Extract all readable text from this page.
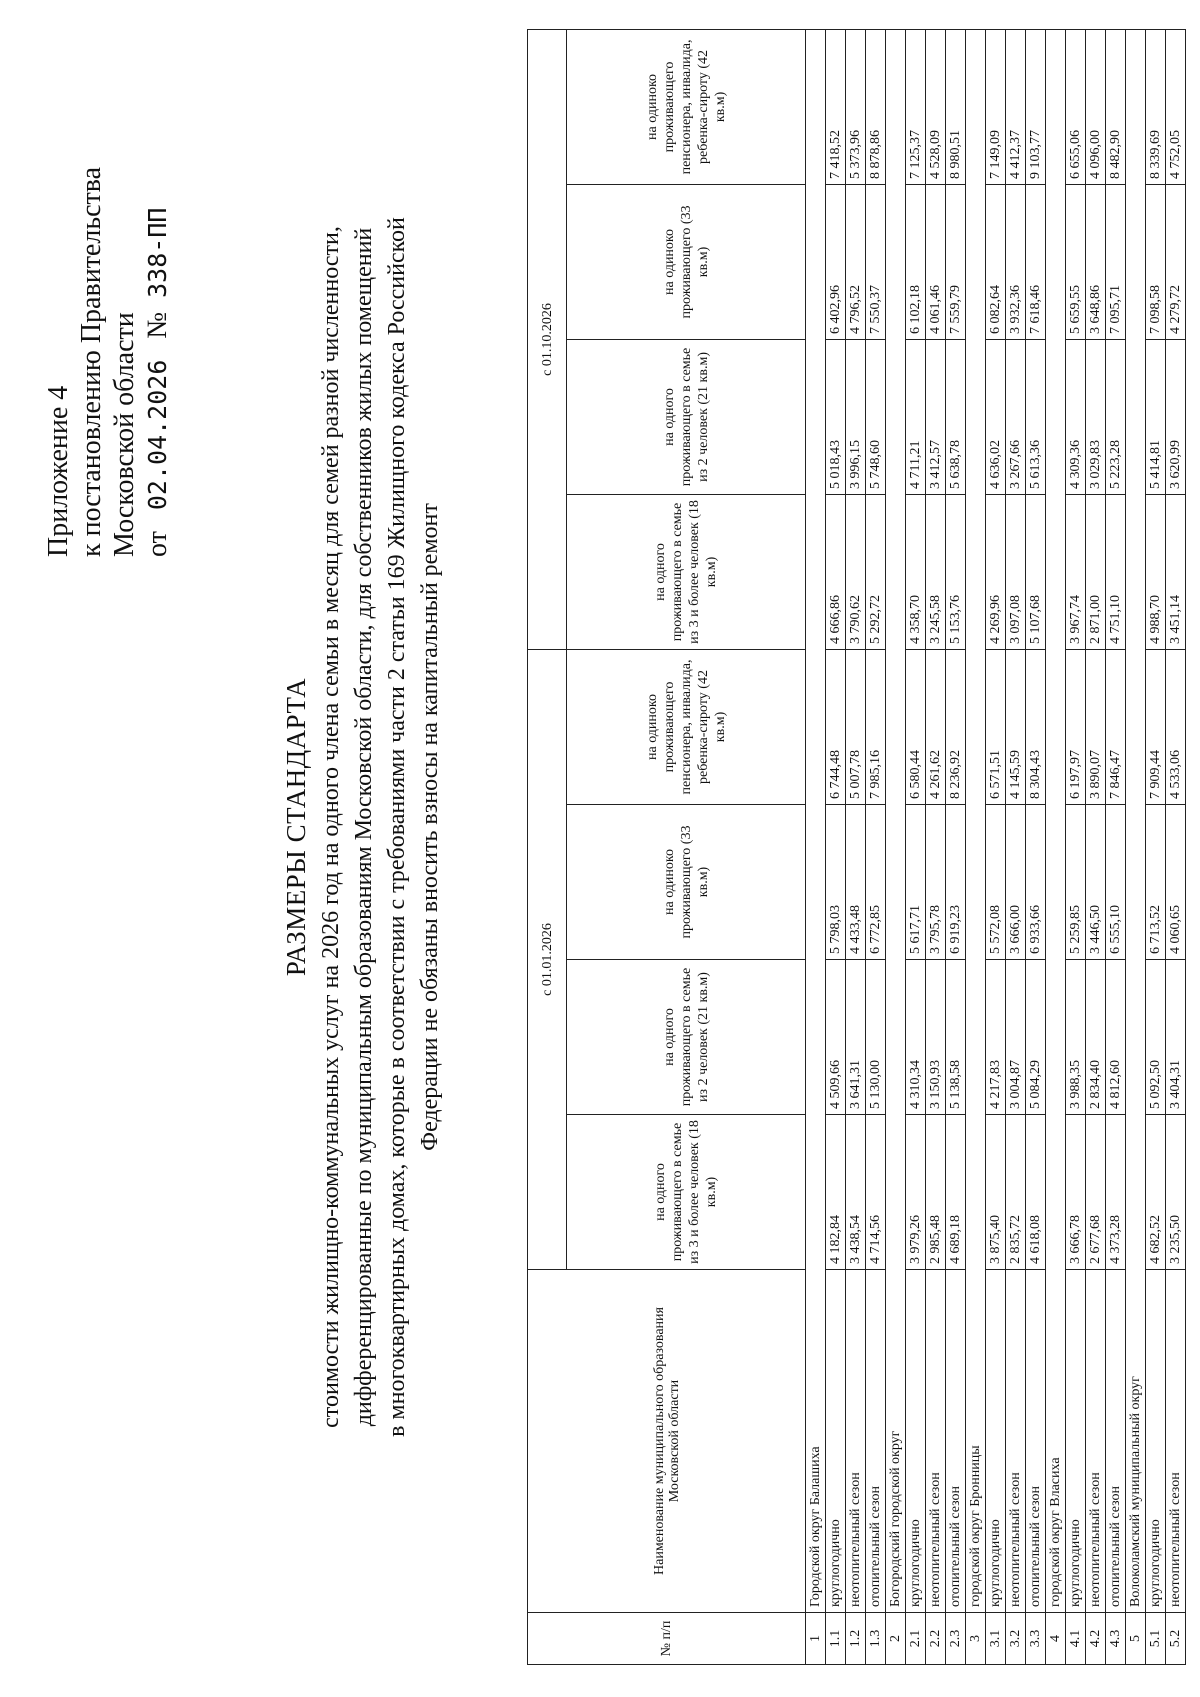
Приложение 4 к постановлению Правительства Московской области от   02.04.2026   №  338-ПП
РАЗМЕРЫ СТАНДАРТА стоимости жилищно-коммунальных услуг на 2026 год на одного члена семьи в месяц для семей разной численности, дифференцированные по муниципальным образованиям Московской области, для собственников жилых помещений в многоквартирных домах, которые в соответствии с требованиями части 2 статьи 169 Жилищного кодекса Российской Федерации не обязаны вносить взносы на капитальный ремонт
№ п/п	Наименование муниципального образования Московской области	с 01.01.2026				с 01.10.2026			
		на одного проживающего в семье из 3 и более человек (18 кв.м)	на одного проживающего в семье из 2 человек (21 кв.м)	на одиноко проживающего (33 кв.м)	на одиноко проживающего пенсионера, инвалида, ребенка-сироту (42 кв.м)	на одного проживающего в семье из 3 и более человек (18 кв.м)	на одного проживающего в семье из 2 человек (21 кв.м)	на одиноко проживающего (33 кв.м)	на одиноко проживающего пенсионера, инвалида, ребенка-сироту (42 кв.м)
1	Городской округ Балашиха								
1.1	круглогодично	4 182,84	4 509,66	5 798,03	6 744,48	4 666,86	5 018,43	6 402,96	7 418,52
1.2	неотопительный сезон	3 438,54	3 641,31	4 433,48	5 007,78	3 790,62	3 996,15	4 796,52	5 373,96
1.3	отопительный сезон	4 714,56	5 130,00	6 772,85	7 985,16	5 292,72	5 748,60	7 550,37	8 878,86
2	Богородский городской округ								
2.1	круглогодично	3 979,26	4 310,34	5 617,71	6 580,44	4 358,70	4 711,21	6 102,18	7 125,37
2.2	неотопительный сезон	2 985,48	3 150,93	3 795,78	4 261,62	3 245,58	3 412,57	4 061,46	4 528,09
2.3	отопительный сезон	4 689,18	5 138,58	6 919,23	8 236,92	5 153,76	5 638,78	7 559,79	8 980,51
3	городской округ Бронницы								
3.1	круглогодично	3 875,40	4 217,83	5 572,08	6 571,51	4 269,96	4 636,02	6 082,64	7 149,09
3.2	неотопительный сезон	2 835,72	3 004,87	3 666,00	4 145,59	3 097,08	3 267,66	3 932,36	4 412,37
3.3	отопительный сезон	4 618,08	5 084,29	6 933,66	8 304,43	5 107,68	5 613,36	7 618,46	9 103,77
4	городской округ Власиха								
4.1	круглогодично	3 666,78	3 988,35	5 259,85	6 197,97	3 967,74	4 309,36	5 659,55	6 655,06
4.2	неотопительный сезон	2 677,68	2 834,40	3 446,50	3 890,07	2 871,00	3 029,83	3 648,86	4 096,00
4.3	отопительный сезон	4 373,28	4 812,60	6 555,10	7 846,47	4 751,10	5 223,28	7 095,71	8 482,90
5	Волоколамский муниципальный округ								
5.1	круглогодично	4 682,52	5 092,50	6 713,52	7 909,44	4 988,70	5 414,81	7 098,58	8 339,69
5.2	неотопительный сезон	3 235,50	3 404,31	4 060,65	4 533,06	3 451,14	3 620,99	4 279,72	4 752,05
